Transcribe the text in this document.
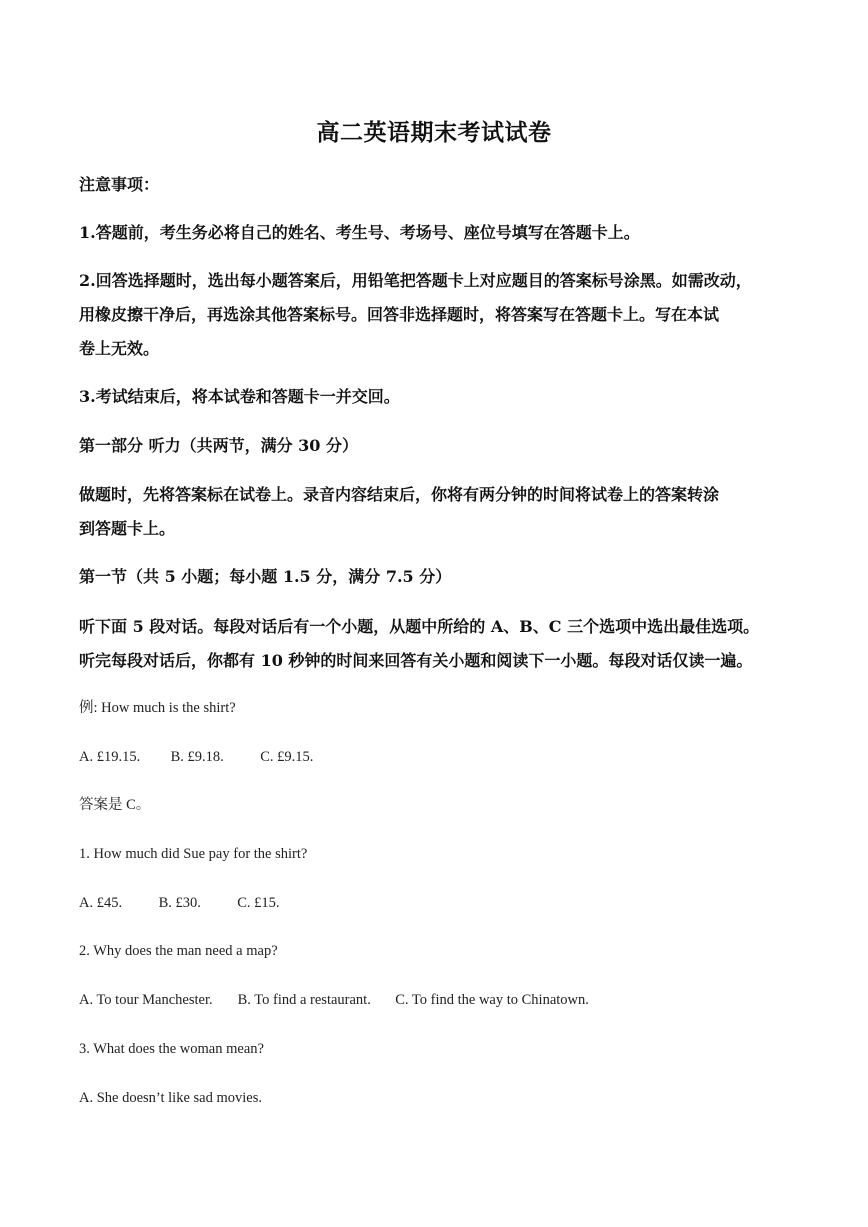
高二英语期末考试试卷
注意事项：
1.答题前，考生务必将自己的姓名、考生号、考场号、座位号填写在答题卡上。
2.回答选择题时，选出每小题答案后，用铅笔把答题卡上对应题目的答案标号涂黑。如需改动，
用橡皮擦干净后，再选涂其他答案标号。回答非选择题时，将答案写在答题卡上。写在本试
卷上无效。
3.考试结束后，将本试卷和答题卡一并交回。
第一部分 听力（共两节，满分 30 分）
做题时，先将答案标在试卷上。录音内容结束后，你将有两分钟的时间将试卷上的答案转涂
到答题卡上。
第一节（共 5 小题；每小题 1.5 分，满分 7.5 分）
听下面 5 段对话。每段对话后有一个小题，从题中所给的 A、B、C 三个选项中选出最佳选项。
听完每段对话后，你都有 10 秒钟的时间来回答有关小题和阅读下一小题。每段对话仅读一遍。
例: How much is the shirt?
A. £19.15. B. £9.18.	C. £9.15.
答案是 C。
1. How much did Sue pay for the shirt?
A. £45.	B. £30.	C. £15.
2. Why does the man need a map?
A. To tour Manchester. B. To find a restaurant. C. To find the way to Chinatown.
3. What does the woman mean?
A. She doesn’t like sad movies.
